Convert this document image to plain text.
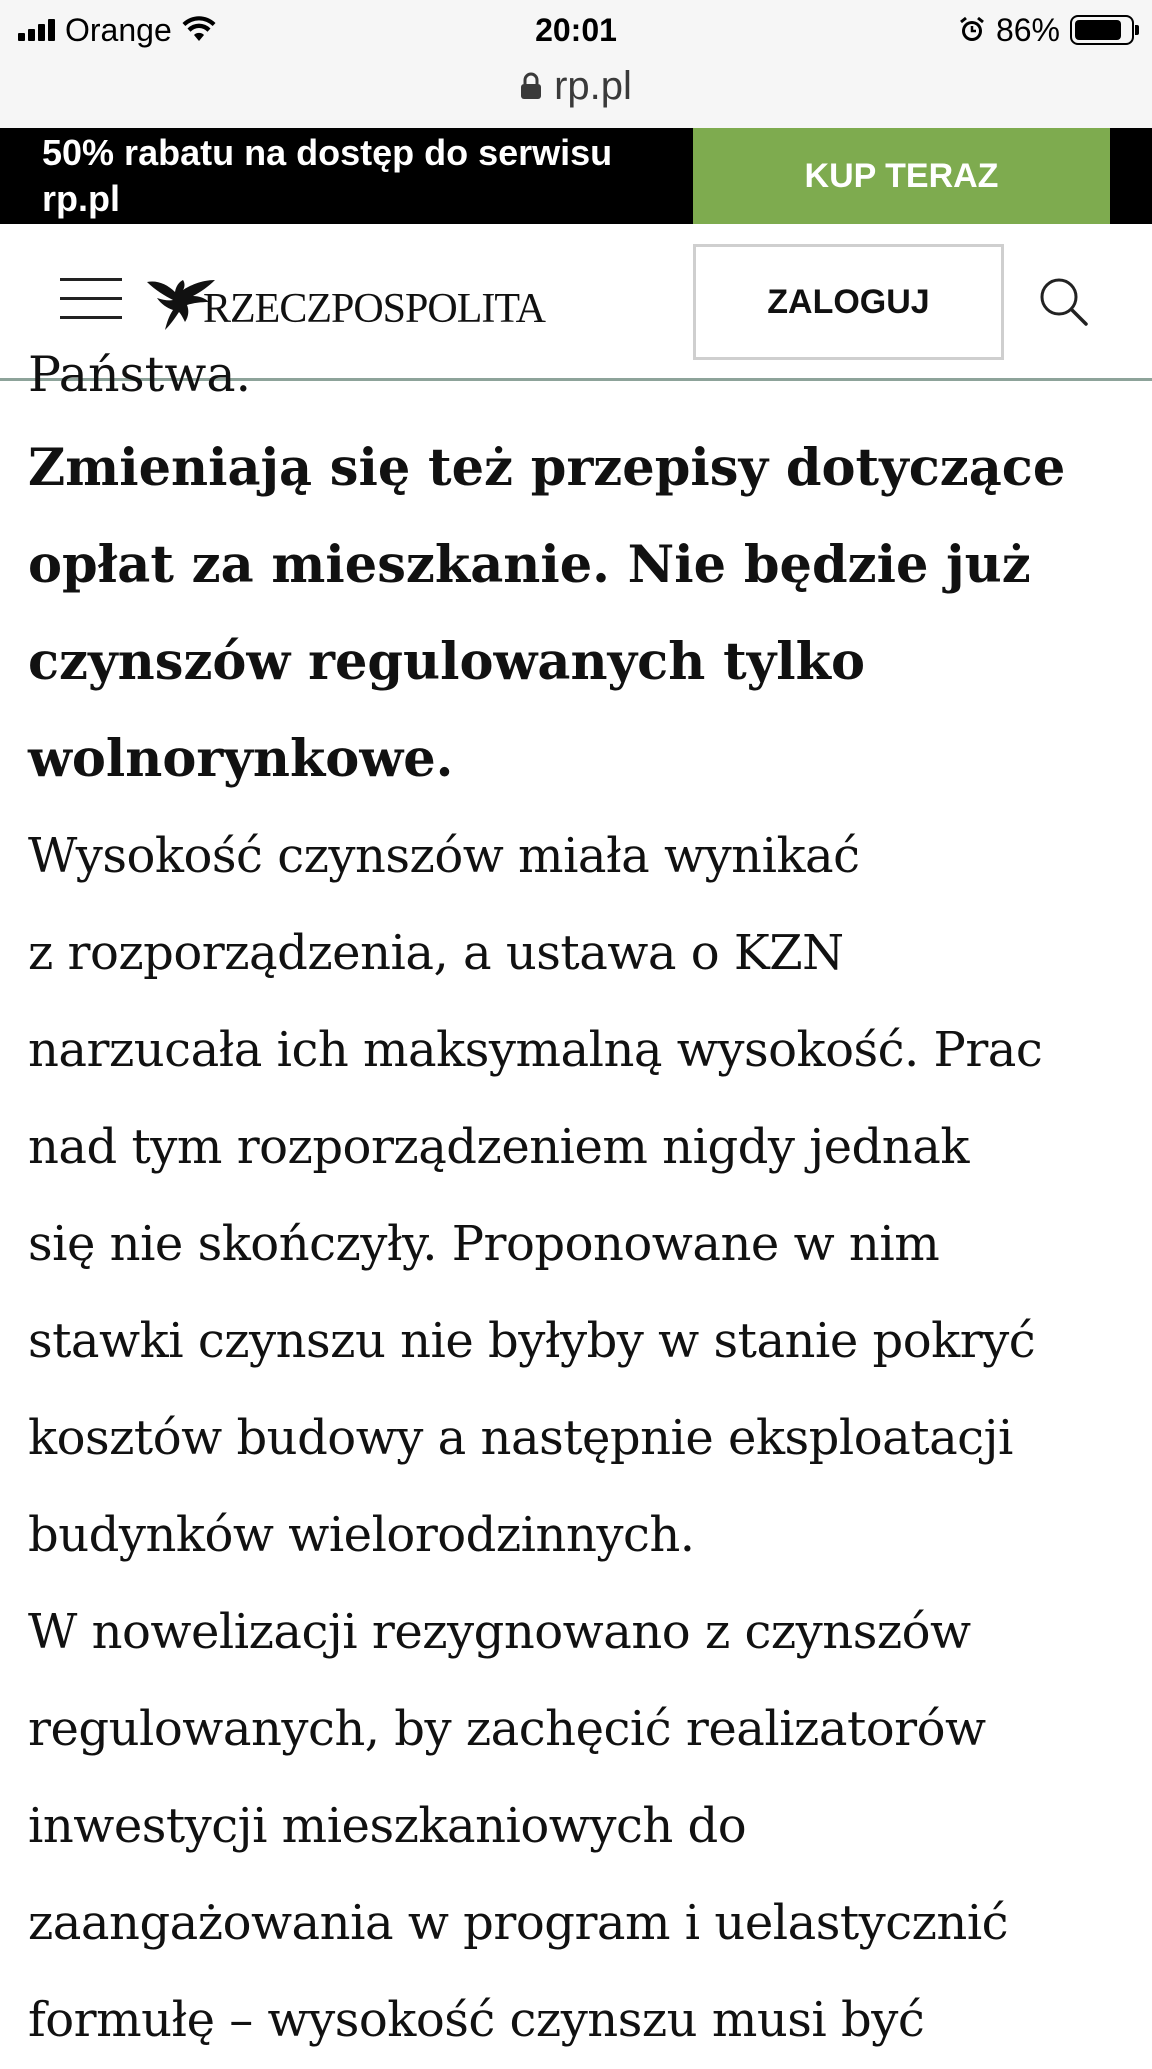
Orange	20:01	86%
rp.pl
50% rabatu na dostęp do serwisu rp.pl
KUP TERAZ
RZECZPOSPOLITA	ZALOGUJ

Państwa.

Zmieniają się też przepisy dotyczące

opłat za mieszkanie. Nie będzie już

czynszów regulowanych tylko

wolnorynkowe.

Wysokość czynszów miała wynikać

z rozporządzenia, a ustawa o KZN

narzucała ich maksymalną wysokość. Prac

nad tym rozporządzeniem nigdy jednak

się nie skończyły. Proponowane w nim

stawki czynszu nie byłyby w stanie pokryć

kosztów budowy a następnie eksploatacji

budynków wielorodzinnych.

W nowelizacji rezygnowano z czynszów

regulowanych, by zachęcić realizatorów

inwestycji mieszkaniowych do

zaangażowania w program i uelastycznić

formułę – wysokość czynszu musi być
